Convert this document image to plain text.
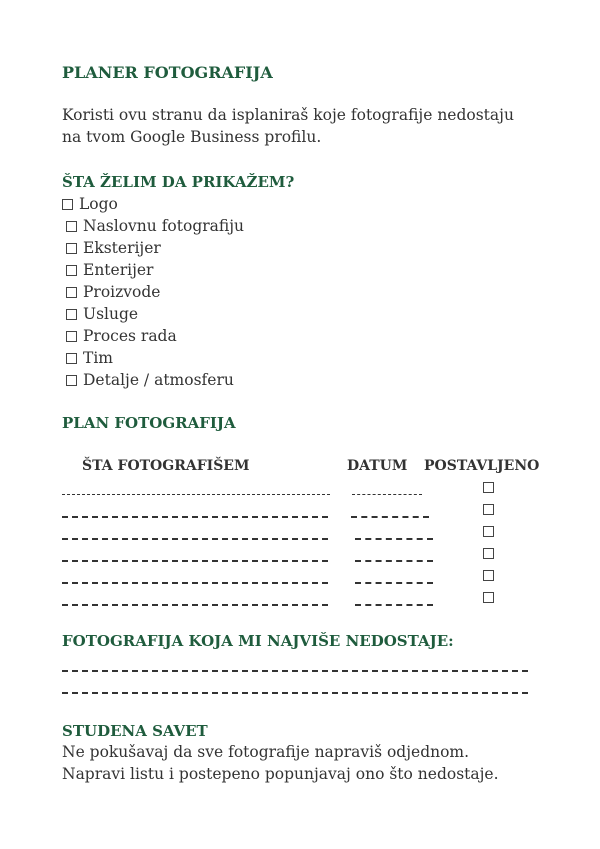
PLANER FOTOGRAFIJA

Koristi ovu stranu da isplaniraš koje fotografije nedostaju na tvom Google Business profilu.

ŠTA ŽELIM DA PRIKAŽEM?
Logo
Naslovnu fotografiju
Eksterijer
Enterijer
Proizvode
Usluge
Proces rada
Tim
Detalje / atmosferu
PLAN FOTOGRAFIJA
ŠTA FOTOGRAFIŠEM	DATUM POSTAVLJENO
FOTOGRAFIJA KOJA MI NAJVIŠE NEDOSTAJE:
STUDENA SAVET

Ne pokušavaj da sve fotografije napraviš odjednom. Napravi listu i postepeno popunjavaj ono što nedostaje.
